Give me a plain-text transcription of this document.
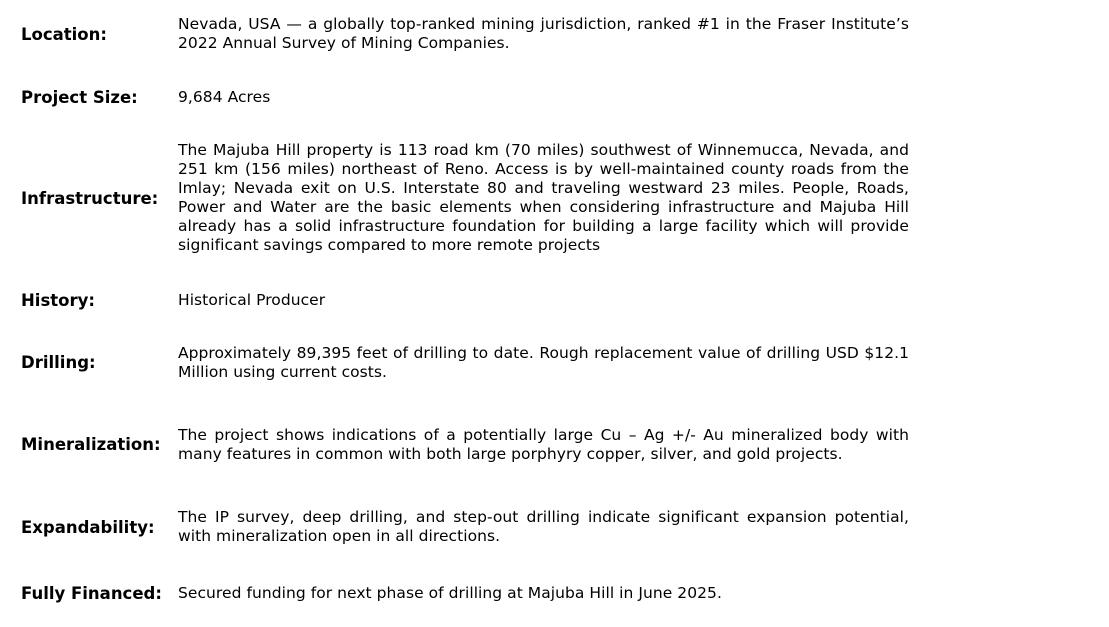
Location:	Nevada, USA — a globally top-ranked mining jurisdiction, ranked #1 in the Fraser Institute’s 2022 Annual Survey of Mining Companies.
Project Size:	9,684 Acres
Infrastructure:	The Majuba Hill property is 113 road km (70 miles) southwest of Winnemucca, Nevada, and 251 km (156 miles) northeast of Reno. Access is by well-maintained county roads from the Imlay; Nevada exit on U.S. Interstate 80 and traveling westward 23 miles. People, Roads, Power and Water are the basic elements when considering infrastructure and Majuba Hill already has a solid infrastructure foundation for building a large facility which will provide significant savings compared to more remote projects
History:	Historical Producer
Drilling:	Approximately 89,395 feet of drilling to date. Rough replacement value of drilling USD $12.1 Million using current costs.
Mineralization:	The project shows indications of a potentially large Cu – Ag +/- Au mineralized body with many features in common with both large porphyry copper, silver, and gold projects.
Expandability:	The IP survey, deep drilling, and step-out drilling indicate significant expansion potential, with mineralization open in all directions.
Fully Financed:	Secured funding for next phase of drilling at Majuba Hill in June 2025.
